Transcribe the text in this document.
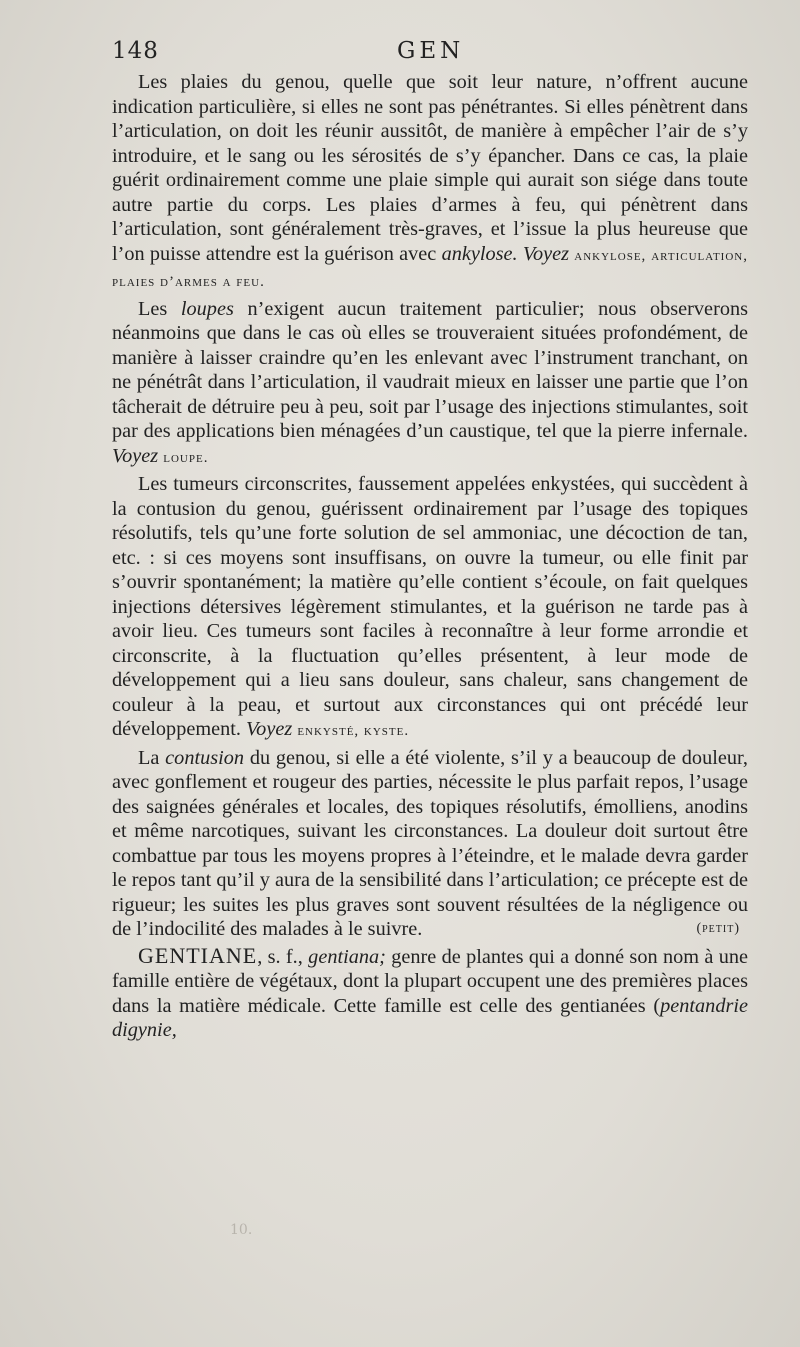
148	GEN

Les plaies du genou, quelle que soit leur nature, n’offrent aucune indication particulière, si elles ne sont pas pénétrantes. Si elles pénètrent dans l’articulation, on doit les réunir aussitôt, de manière à empêcher l’air de s’y introduire, et le sang ou les sérosités de s’y épancher. Dans ce cas, la plaie guérit ordinairement comme une plaie simple qui aurait son siége dans toute autre partie du corps. Les plaies d’armes à feu, qui pénètrent dans l’articulation, sont généralement très-graves, et l’issue la plus heureuse que l’on puisse attendre est la guérison avec ankylose. Voyez ankylose, articulation, plaies d’armes a feu.

Les loupes n’exigent aucun traitement particulier; nous observerons néanmoins que dans le cas où elles se trouveraient situées profondément, de manière à laisser craindre qu’en les enlevant avec l’instrument tranchant, on ne pénétrât dans l’articulation, il vaudrait mieux en laisser une partie que l’on tâcherait de détruire peu à peu, soit par l’usage des injections stimulantes, soit par des applications bien ménagées d’un caustique, tel que la pierre infernale. Voyez loupe.

Les tumeurs circonscrites, faussement appelées enkystées, qui succèdent à la contusion du genou, guérissent ordinairement par l’usage des topiques résolutifs, tels qu’une forte solution de sel ammoniac, une décoction de tan, etc. : si ces moyens sont insuffisans, on ouvre la tumeur, ou elle finit par s’ouvrir spontanément; la matière qu’elle contient s’écoule, on fait quelques injections détersives légèrement stimulantes, et la guérison ne tarde pas à avoir lieu. Ces tumeurs sont faciles à reconnaître à leur forme arrondie et circonscrite, à la fluctuation qu’elles présentent, à leur mode de développement qui a lieu sans douleur, sans chaleur, sans changement de couleur à la peau, et surtout aux circonstances qui ont précédé leur développement. Voyez enkysté, kyste.

La contusion du genou, si elle a été violente, s’il y a beaucoup de douleur, avec gonflement et rougeur des parties, nécessite le plus parfait repos, l’usage des saignées générales et locales, des topiques résolutifs, émolliens, anodins et même narcotiques, suivant les circonstances. La douleur doit surtout être combattue par tous les moyens propres à l’éteindre, et le malade devra garder le repos tant qu’il y aura de la sensibilité dans l’articulation; ce précepte est de rigueur; les suites les plus graves sont souvent résultées de la négligence ou de l’indocilité des malades à le suivre.	(petit)

GENTIANE, s. f., gentiana; genre de plantes qui a donné son nom à une famille entière de végétaux, dont la plupart occupent une des premières places dans la matière médicale. Cette famille est celle des gentianées (pentandrie digynie,

10.
